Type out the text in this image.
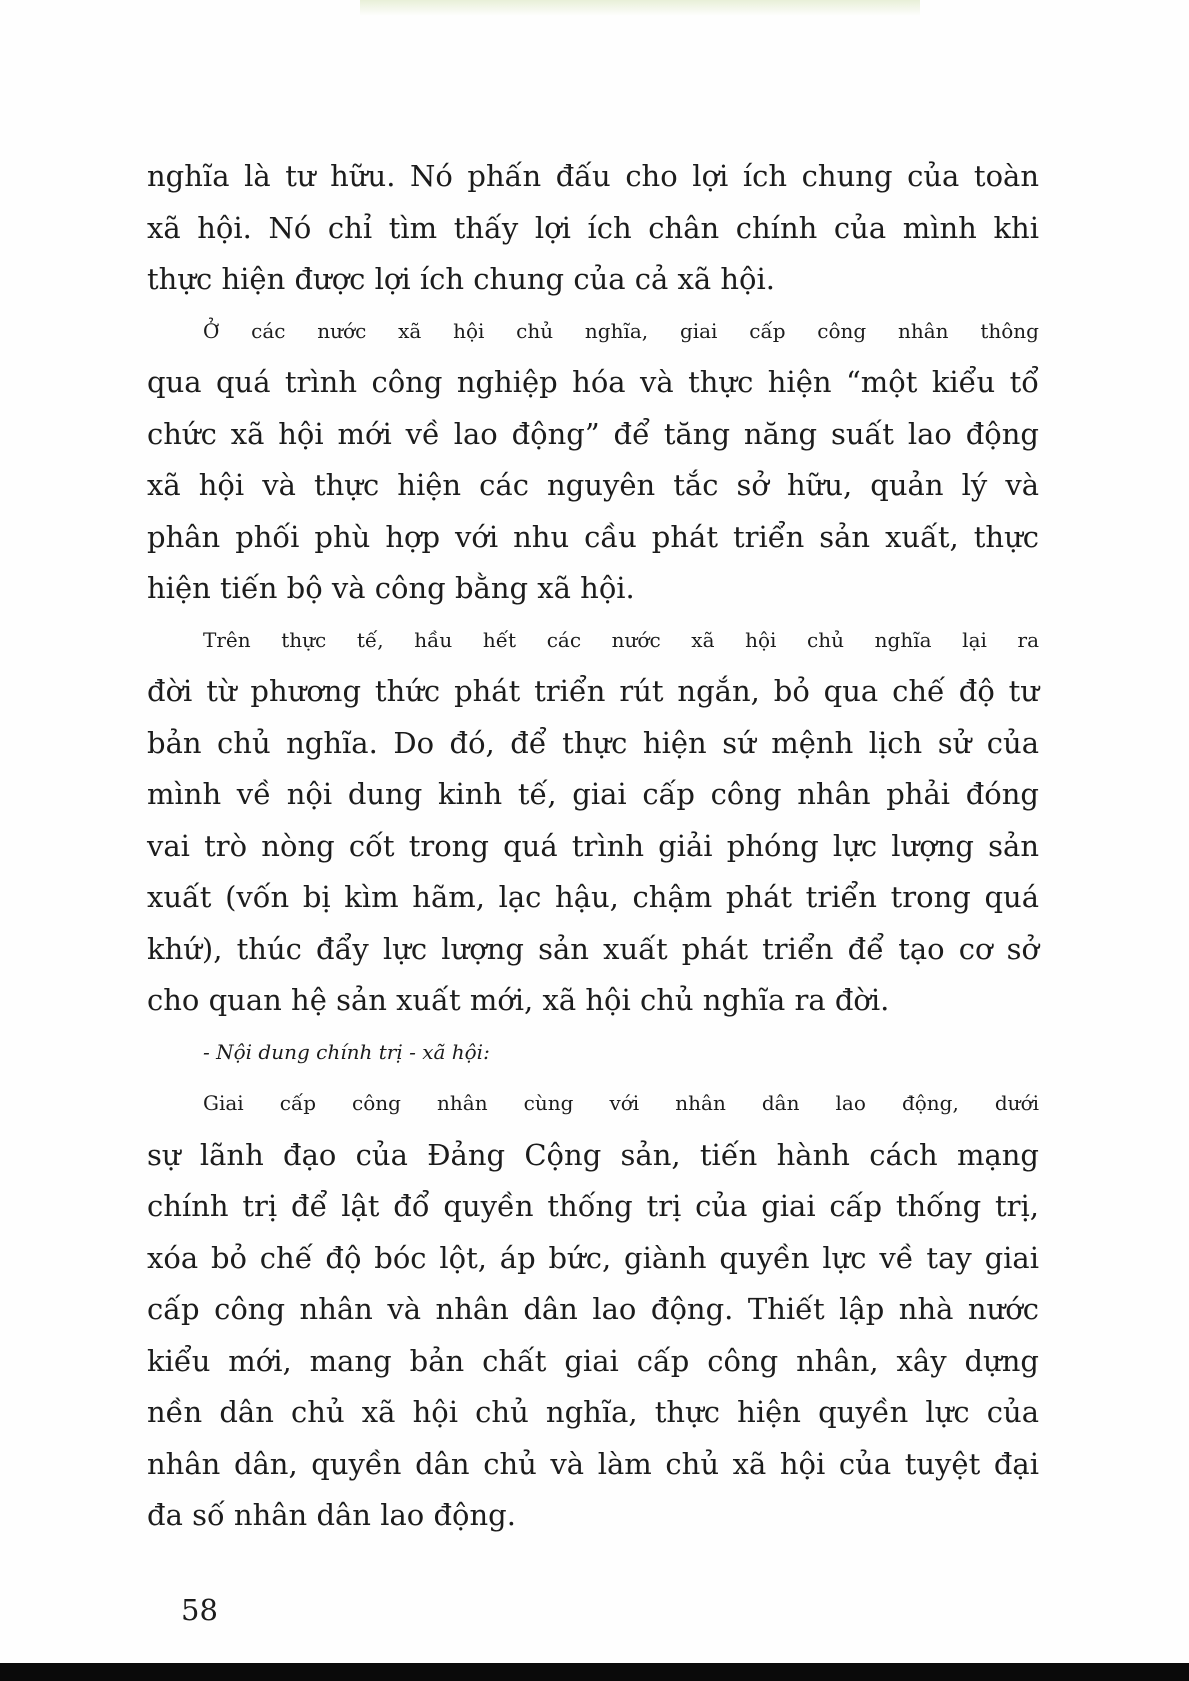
nghĩa là tư hữu. Nó phấn đấu cho lợi ích chung của toàn
xã hội. Nó chỉ tìm thấy lợi ích chân chính của mình khi
thực hiện được lợi ích chung của cả xã hội.
Ở các nước xã hội chủ nghĩa, giai cấp công nhân thông
qua quá trình công nghiệp hóa và thực hiện “một kiểu tổ
chức xã hội mới về lao động” để tăng năng suất lao động
xã hội và thực hiện các nguyên tắc sở hữu, quản lý và
phân phối phù hợp với nhu cầu phát triển sản xuất, thực
hiện tiến bộ và công bằng xã hội.
Trên thực tế, hầu hết các nước xã hội chủ nghĩa lại ra
đời từ phương thức phát triển rút ngắn, bỏ qua chế độ tư
bản chủ nghĩa. Do đó, để thực hiện sứ mệnh lịch sử của
mình về nội dung kinh tế, giai cấp công nhân phải đóng
vai trò nòng cốt trong quá trình giải phóng lực lượng sản
xuất (vốn bị kìm hãm, lạc hậu, chậm phát triển trong quá
khứ), thúc đẩy lực lượng sản xuất phát triển để tạo cơ sở
cho quan hệ sản xuất mới, xã hội chủ nghĩa ra đời.
- Nội dung chính trị - xã hội:
Giai cấp công nhân cùng với nhân dân lao động, dưới
sự lãnh đạo của Đảng Cộng sản, tiến hành cách mạng
chính trị để lật đổ quyền thống trị của giai cấp thống trị,
xóa bỏ chế độ bóc lột, áp bức, giành quyền lực về tay giai
cấp công nhân và nhân dân lao động. Thiết lập nhà nước
kiểu mới, mang bản chất giai cấp công nhân, xây dựng
nền dân chủ xã hội chủ nghĩa, thực hiện quyền lực của
nhân dân, quyền dân chủ và làm chủ xã hội của tuyệt đại
đa số nhân dân lao động.
58
